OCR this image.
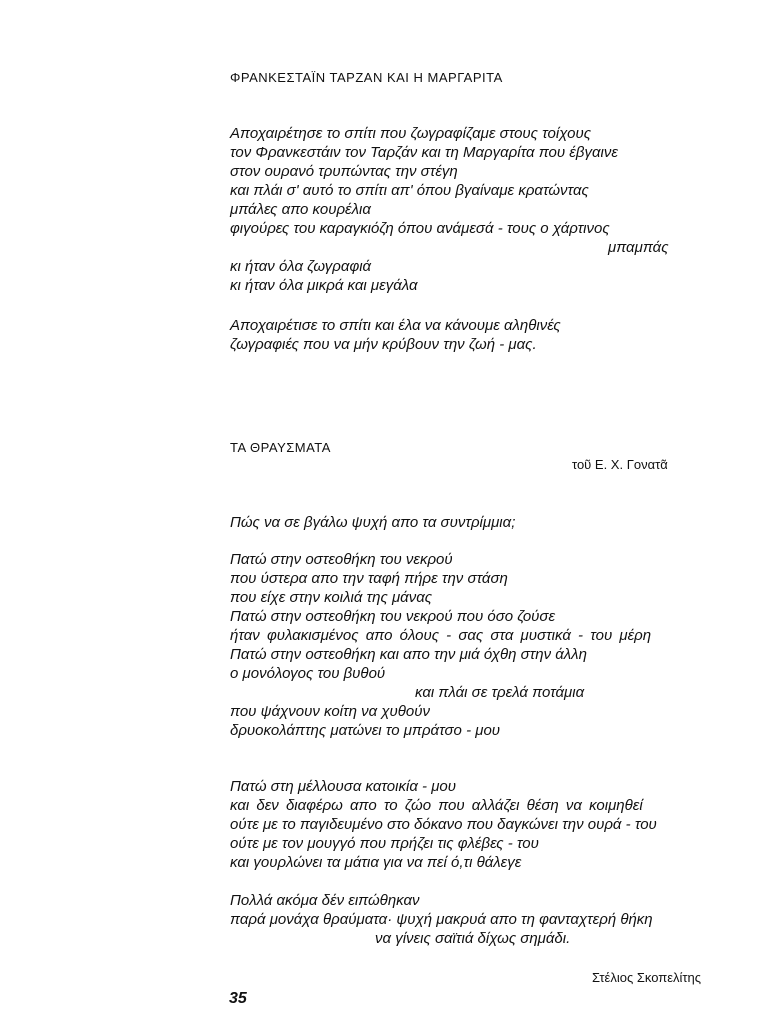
ΦΡΑΝΚΕΣΤΑΪΝ ΤΑΡΖΑΝ ΚΑΙ Η ΜΑΡΓΑΡΙΤΑ
Αποχαιρέτησε το σπίτι που ζωγραφίζαμε στους τοίχους
τον Φρανκεστάιν τον Ταρζάν και τη Μαργαρίτα που έβγαινε
στον ουρανό τρυπώντας την στέγη
και πλάι σ' αυτό το σπίτι απ' όπου βγαίναμε κρατώντας
μπάλες απο κουρέλια
φιγούρες του καραγκιόζη όπου ανάμεσά - τους ο χάρτινος
μπαμπάς
κι ήταν όλα ζωγραφιά
κι ήταν όλα μικρά και μεγάλα
Αποχαιρέτισε το σπίτι και έλα να κάνουμε αληθινές
ζωγραφιές που να μήν κρύβουν την ζωή - μας.
ΤΑ ΘΡΑΥΣΜΑΤΑ
τοῦ Ε. Χ. Γονατᾶ
Πώς να σε βγάλω ψυχή απο τα συντρίμμια;
Πατώ στην οστεοθήκη του νεκρού
που ύστερα απο την ταφή πήρε την στάση
που είχε στην κοιλιά της μάνας
Πατώ στην οστεοθήκη του νεκρού που όσο ζούσε
ήταν φυλακισμένος απο όλους - σας στα μυστικά - του μέρη
Πατώ στην οστεοθήκη και απο την μιά όχθη στην άλλη
ο μονόλογος του βυθού
και πλάι σε τρελά ποτάμια
που ψάχνουν κοίτη να χυθούν
δρυοκολάπτης ματώνει το μπράτσο - μου
Πατώ στη μέλλουσα κατοικία - μου
και δεν διαφέρω απο το ζώο που αλλάζει θέση να κοιμηθεί
ούτε με το παγιδευμένο στο δόκανο που δαγκώνει την ουρά - του
ούτε με τον μουγγό που πρήζει τις φλέβες - του
και γουρλώνει τα μάτια για να πεί ό,τι θάλεγε
Πολλά ακόμα δέν ειπώθηκαν
παρά μονάχα θραύματα· ψυχή μακρυά απο τη φανταχτερή θήκη
να γίνεις σαϊτιά δίχως σημάδι.
Στέλιος Σκοπελίτης
35
